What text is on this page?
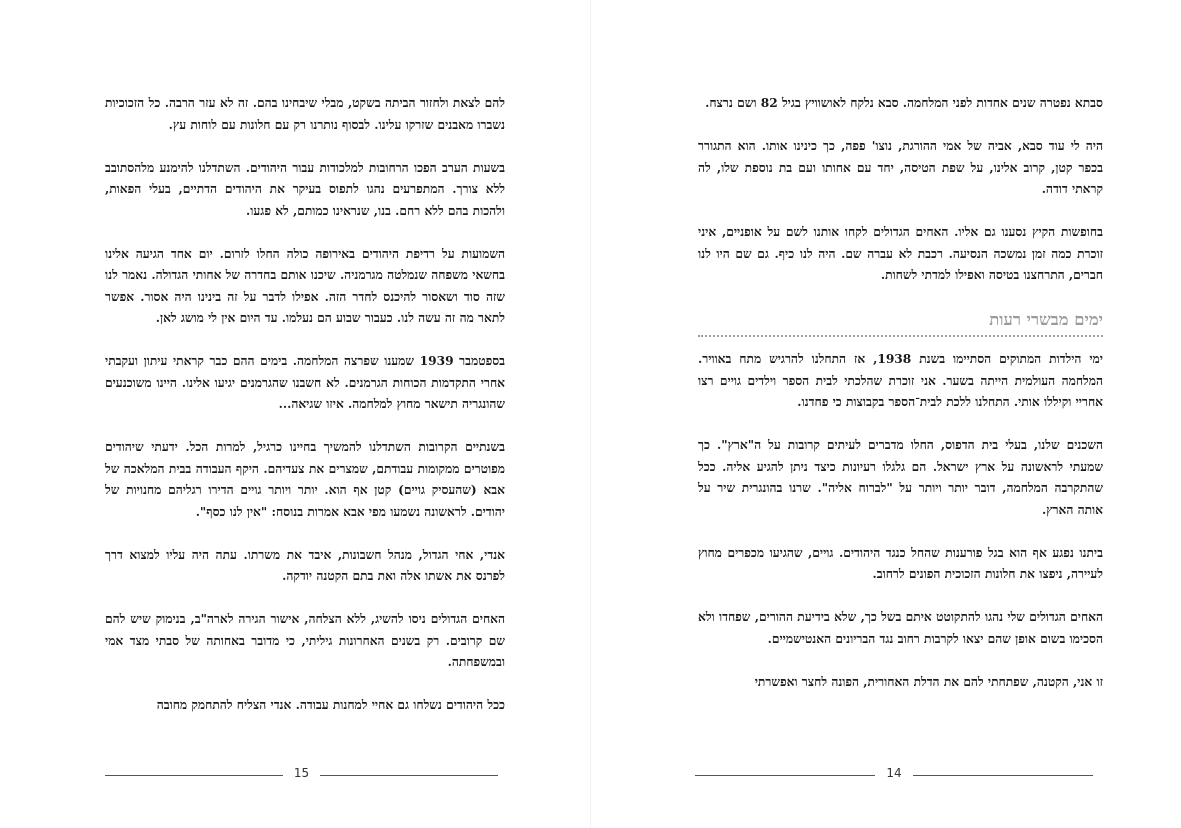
להם לצאת ולחזור הביתה בשקט, מבלי שיבחינו בהם. זה לא עזר הרבה. כל הזכוכיות נשברו מאבנים שזרקו עלינו. לבסוף נותרנו רק עם חלונות עם לוחות עץ.

בשעות הערב הפכו הרחובות למלכודות עבור היהודים. השתדלנו להימנע מלהסתובב ללא צורך. המתפרעים נהגו לתפוס בעיקר את היהודים הדתיים, בעלי הפאות, ולהכות בהם ללא רחם. בנו, שנראינו כמותם, לא פגעו.

השמועות על רדיפת היהודים באירופה כולה החלו לזרום. יום אחד הגיעה אלינו בחשאי משפחה שנמלטה מגרמניה. שיכנו אותם בחדרה של אחותי הגדולה. נאמר לנו שזה סוד ושאסור להיכנס לחדר הזה. אפילו לדבר על זה בינינו היה אסור. אפשר לתאר מה זה עשה לנו. כעבור שבוע הם נעלמו. עד היום אין לי מושג לאן.

בספטמבר 1939 שמענו שפרצה המלחמה. בימים ההם כבר קראתי עיתון ועקבתי אחרי התקדמות הכוחות הגרמנים. לא חשבנו שהגרמנים יגיעו אלינו. היינו משוכנעים שהונגריה תישאר מחוץ למלחמה. איזו שגיאה...

בשנתיים הקרובות השתדלנו להמשיך בחיינו כרגיל, למרות הכל. ידעתי שיהודים מפוטרים ממקומות עבודתם, שמצרים את צעדיהם. היקף העבודה בבית המלאכה של אבא (שהעסיק גויים) קטן אף הוא. יותר ויותר גויים הדירו רגליהם מחנויות של יהודים. לראשונה נשמעו מפי אבא אמרות בנוסח: "אין לנו כסף".

אנדי, אחי הגדול, מנהל חשבונות, איבד את משרתו. עתה היה עליו למצוא דרך לפרנס את אשתו אלה ואת בתם הקטנה יודקה.

האחים הגדולים ניסו להשיג, ללא הצלחה, אישור הגירה לארה"ב, בנימוק שיש להם שם קרובים. רק בשנים האחרונות גיליתי, כי מדובר באחותה של סבתי מצד אמי ובמשפחתה.

ככל היהודים נשלחו גם אחיי למחנות עבודה. אנדי הצליח להתחמק מחובה

15

סבתא נפטרה שנים אחדות לפני המלחמה. סבא נלקח לאושוויץ בגיל 82 ושם נרצח.

היה לי עוד סבא, אביה של אמי ההורגת, נוצו' פפה, כך כינינו אותו. הוא התגורר בכפר קטן, קרוב אלינו, על שפת הטיסה, יחד עם אחותו ועם בת נוספת שלו, לה קראתי דודה.

בחופשות הקיץ נסענו גם אליו. האחים הגדולים לקחו אותנו לשם על אופניים, איני זוכרת כמה זמן נמשכה הנסיעה. רכבת לא עברה שם. היה לנו כיף. גם שם היו לנו חברים, התרחצנו בטיסה ואפילו למדתי לשחות.

ימים מבשרי רעות

ימי הילדות המתוקים הסתיימו בשנת 1938, אז התחלנו להרגיש מתח באוויר. המלחמה העולמית הייתה בשער. אני זוכרת שהלכתי לבית הספר וילדים גויים רצו אחריי וקיללו אותי. התחלנו ללכת לבית־הספר בקבוצות כי פחדנו.

השכנים שלנו, בעלי בית הדפוס, החלו מדברים לעיתים קרובות על ה"ארץ". כך שמעתי לראשונה על ארץ ישראל. הם גלגלו רעיונות כיצד ניתן להגיע אליה. ככל שהתקרבה המלחמה, דובר יותר ויותר על "לברוח אליה". שרנו בהונגרית שיר על אותה הארץ.

ביתנו נפגע אף הוא בגל פורענות שהחל כנגד היהודים. גויים, שהגיעו מכפרים מחוץ לעיירה, ניפצו את חלונות הזכוכית הפונים לרחוב.

האחים הגדולים שלי נהגו להתקוטט איתם בשל כך, שלא בידיעת ההורים, שפחדו ולא הסכימו בשום אופן שהם יצאו לקרבות רחוב נגד הבריונים האנטישמיים.

זו אני, הקטנה, שפתחתי להם את הדלת האחורית, הפונה לחצר ואפשרתי

14
